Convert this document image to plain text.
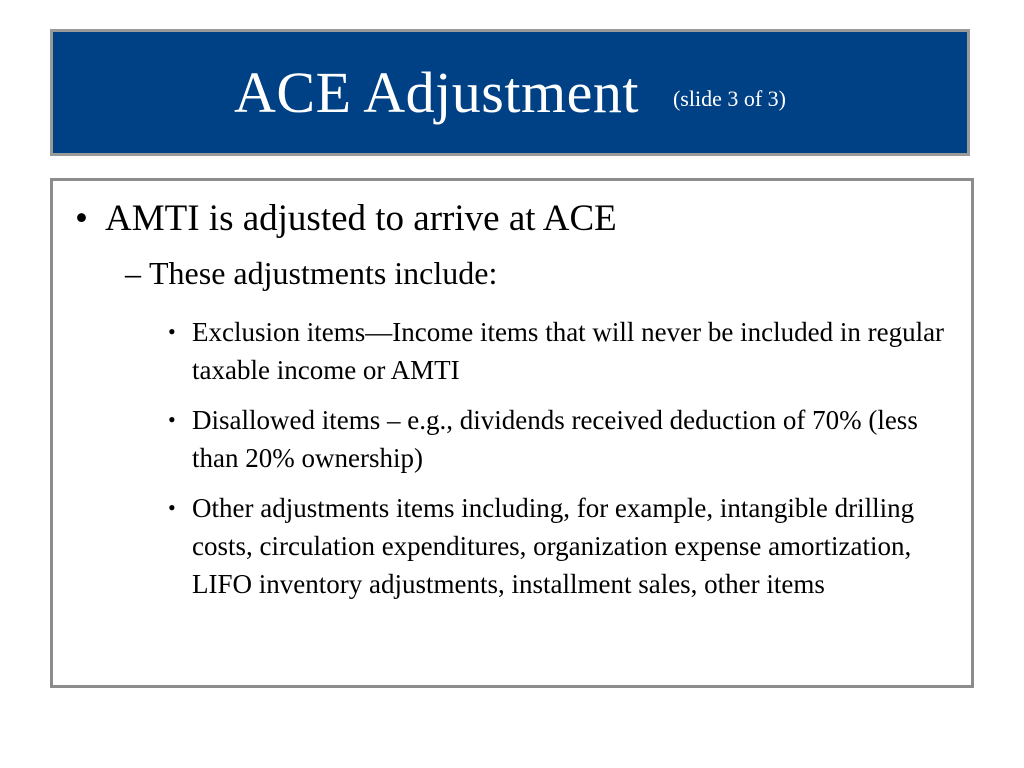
ACE Adjustment (slide 3 of 3)
• AMTI is adjusted to arrive at ACE
– These adjustments include:
• Exclusion items—Income items that will never be included in regular taxable income or AMTI
• Disallowed items – e.g., dividends received deduction of 70% (less than 20% ownership)
• Other adjustments items including, for example, intangible drilling costs, circulation expenditures, organization expense amortization, LIFO inventory adjustments, installment sales, other items
